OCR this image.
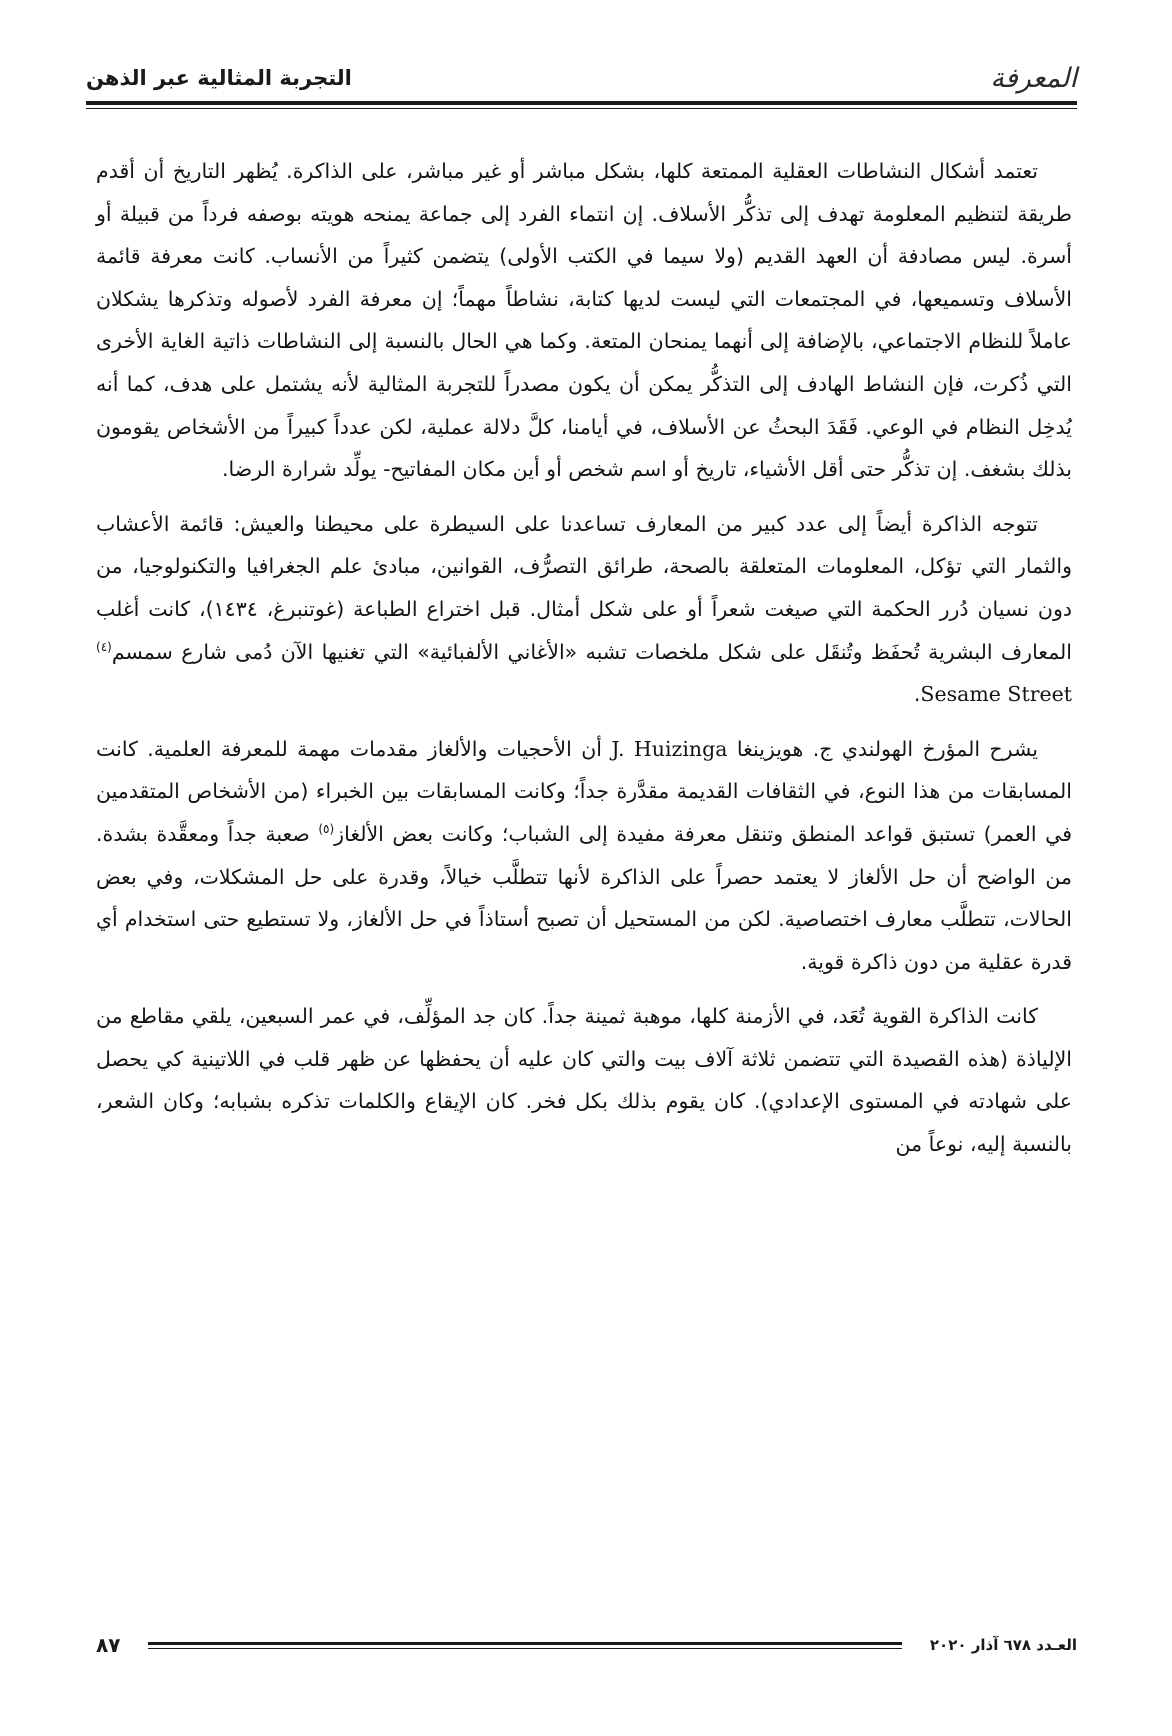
المعرفة
التجربة المثالية عبر الذهن

تعتمد أشكال النشاطات العقلية الممتعة كلها، بشكل مباشر أو غير مباشر، على الذاكرة. يُظهر التاريخ أن أقدم طريقة لتنظيم المعلومة تهدف إلى تذكُّر الأسلاف. إن انتماء الفرد إلى جماعة يمنحه هويته بوصفه فرداً من قبيلة أو أسرة. ليس مصادفة أن العهد القديم (ولا سيما في الكتب الأولى) يتضمن كثيراً من الأنساب. كانت معرفة قائمة الأسلاف وتسميعها، في المجتمعات التي ليست لديها كتابة، نشاطاً مهماً؛ إن معرفة الفرد لأصوله وتذكرها يشكلان عاملاً للنظام الاجتماعي، بالإضافة إلى أنهما يمنحان المتعة. وكما هي الحال بالنسبة إلى النشاطات ذاتية الغاية الأخرى التي ذُكرت، فإن النشاط الهادف إلى التذكُّر يمكن أن يكون مصدراً للتجربة المثالية لأنه يشتمل على هدف، كما أنه يُدخِل النظام في الوعي. فَقَدَ البحثُ عن الأسلاف، في أيامنا، كلَّ دلالة عملية، لكن عدداً كبيراً من الأشخاص يقومون بذلك بشغف. إن تذكُّر حتى أقل الأشياء، تاريخ أو اسم شخص أو أين مكان المفاتيح- يولِّد شرارة الرضا.

تتوجه الذاكرة أيضاً إلى عدد كبير من المعارف تساعدنا على السيطرة على محيطنا والعيش: قائمة الأعشاب والثمار التي تؤكل، المعلومات المتعلقة بالصحة، طرائق التصرُّف، القوانين، مبادئ علم الجغرافيا والتكنولوجيا، من دون نسيان دُرر الحكمة التي صيغت شعراً أو على شكل أمثال. قبل اختراع الطباعة (غوتنبرغ، ١٤٣٤)، كانت أغلب المعارف البشرية تُحفَظ وتُنقَل على شكل ملخصات تشبه «الأغاني الألفبائية» التي تغنيها الآن دُمى شارع سمسم$^{(٤)}$ Sesame Street.

يشرح المؤرخ الهولندي ج. هويزينغا J. Huizinga أن الأحجيات والألغاز مقدمات مهمة للمعرفة العلمية. كانت المسابقات من هذا النوع، في الثقافات القديمة مقدَّرة جداً؛ وكانت المسابقات بين الخبراء (من الأشخاص المتقدمين في العمر) تستبق قواعد المنطق وتنقل معرفة مفيدة إلى الشباب؛ وكانت بعض الألغاز$^{(٥)}$ صعبة جداً ومعقَّدة بشدة. من الواضح أن حل الألغاز لا يعتمد حصراً على الذاكرة لأنها تتطلَّب خيالاً، وقدرة على حل المشكلات، وفي بعض الحالات، تتطلَّب معارف اختصاصية. لكن من المستحيل أن تصبح أستاذاً في حل الألغاز، ولا تستطيع حتى استخدام أي قدرة عقلية من دون ذاكرة قوية.

كانت الذاكرة القوية تُعَد، في الأزمنة كلها، موهبة ثمينة جداً. كان جد المؤلِّف، في عمر السبعين، يلقي مقاطع من الإلياذة (هذه القصيدة التي تتضمن ثلاثة آلاف بيت والتي كان عليه أن يحفظها عن ظهر قلب في اللاتينية كي يحصل على شهادته في المستوى الإعدادي). كان يقوم بذلك بكل فخر. كان الإيقاع والكلمات تذكره بشبابه؛ وكان الشعر، بالنسبة إليه، نوعاً من

العـدد ٦٧٨ آذار ٢٠٢٠
٨٧
